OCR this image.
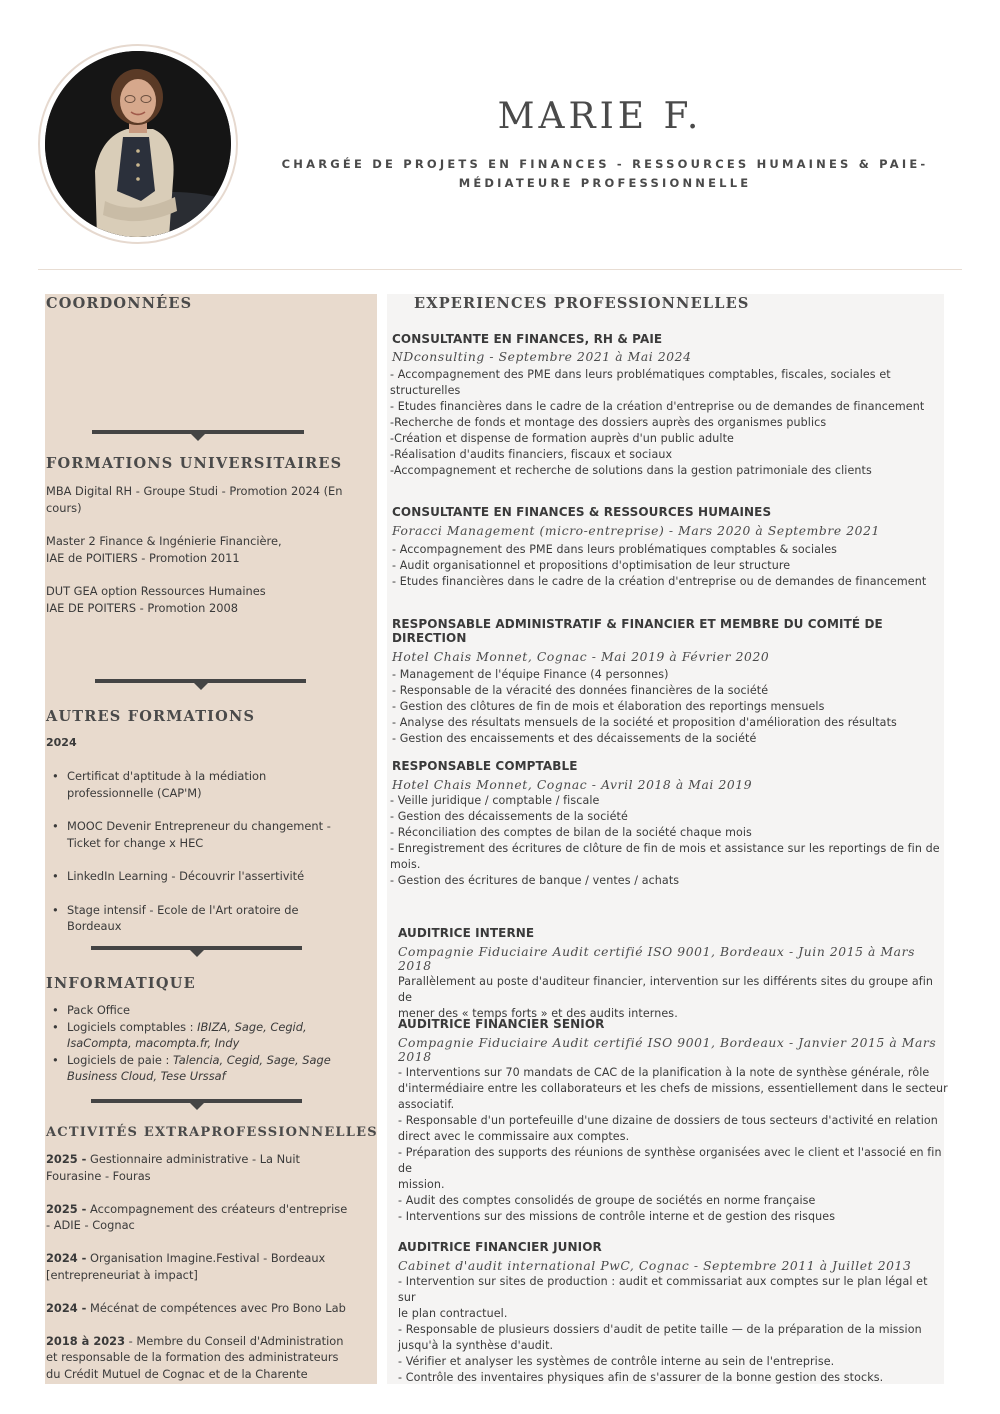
MARIE F.
CHARGÉE DE PROJETS EN FINANCES - RESSOURCES HUMAINES & PAIE-
MÉDIATEURE PROFESSIONNELLE
COORDONNÉES
FORMATIONS UNIVERSITAIRES
MBA Digital RH - Groupe Studi - Promotion 2024 (En
cours)
Master 2 Finance & Ingénierie Financière,
IAE de POITIERS - Promotion 2011
DUT GEA option Ressources Humaines
IAE DE POITERS - Promotion 2008
AUTRES FORMATIONS
2024
• Certificat d'aptitude à la médiation
professionnelle (CAP'M)
• MOOC Devenir Entrepreneur du changement -
Ticket for change x HEC
• LinkedIn Learning - Découvrir l'assertivité
• Stage intensif - Ecole de l'Art oratoire de
Bordeaux
INFORMATIQUE
• Pack Office
• Logiciels comptables : IBIZA, Sage, Cegid,
IsaCompta, macompta.fr, Indy
• Logiciels de paie : Talencia, Cegid, Sage, Sage
Business Cloud, Tese Urssaf
ACTIVITÉS EXTRAPROFESSIONNELLES
2025 - Gestionnaire administrative - La Nuit
Fourasine - Fouras
2025 - Accompagnement des créateurs d'entreprise
- ADIE - Cognac
2024 - Organisation Imagine.Festival - Bordeaux
[entrepreneuriat à impact]
2024 - Mécénat de compétences avec Pro Bono Lab
2018 à 2023 - Membre du Conseil d'Administration
et responsable de la formation des administrateurs
du Crédit Mutuel de Cognac et de la Charente
EXPERIENCES PROFESSIONNELLES
CONSULTANTE EN FINANCES, RH & PAIE
NDconsulting - Septembre 2021 à Mai 2024
- Accompagnement des PME dans leurs problématiques comptables, fiscales, sociales et
structurelles
- Etudes financières dans le cadre de la création d'entreprise ou de demandes de financement
-Recherche de fonds et montage des dossiers auprès des organismes publics
-Création et dispense de formation auprès d'un public adulte
-Réalisation d'audits financiers, fiscaux et sociaux
-Accompagnement et recherche de solutions dans la gestion patrimoniale des clients
CONSULTANTE EN FINANCES & RESSOURCES HUMAINES
Foracci Management (micro-entreprise) - Mars 2020 à Septembre 2021
- Accompagnement des PME dans leurs problématiques comptables & sociales
- Audit organisationnel et propositions d'optimisation de leur structure
- Etudes financières dans le cadre de la création d'entreprise ou de demandes de financement
RESPONSABLE ADMINISTRATIF & FINANCIER ET MEMBRE DU COMITÉ DE DIRECTION
Hotel Chais Monnet, Cognac - Mai 2019 à Février 2020
- Management de l'équipe Finance (4 personnes)
- Responsable de la véracité des données financières de la société
- Gestion des clôtures de fin de mois et élaboration des reportings mensuels
- Analyse des résultats mensuels de la société et proposition d'amélioration des résultats
- Gestion des encaissements et des décaissements de la société
RESPONSABLE COMPTABLE
Hotel Chais Monnet, Cognac - Avril 2018 à Mai 2019
- Veille juridique / comptable / fiscale
- Gestion des décaissements de la société
- Réconciliation des comptes de bilan de la société chaque mois
- Enregistrement des écritures de clôture de fin de mois et assistance sur les reportings de fin de
mois.
- Gestion des écritures de banque / ventes / achats
AUDITRICE INTERNE
Compagnie Fiduciaire Audit certifié ISO 9001, Bordeaux - Juin 2015 à Mars 2018
Parallèlement au poste d'auditeur financier, intervention sur les différents sites du groupe afin de
mener des « temps forts » et des audits internes.
AUDITRICE FINANCIER SENIOR
Compagnie Fiduciaire Audit certifié ISO 9001, Bordeaux - Janvier 2015 à Mars 2018
- Interventions sur 70 mandats de CAC de la planification à la note de synthèse générale, rôle
d'intermédiaire entre les collaborateurs et les chefs de missions, essentiellement dans le secteur
associatif.
- Responsable d'un portefeuille d'une dizaine de dossiers de tous secteurs d'activité en relation
direct avec le commissaire aux comptes.
- Préparation des supports des réunions de synthèse organisées avec le client et l'associé en fin de
mission.
- Audit des comptes consolidés de groupe de sociétés en norme française
- Interventions sur des missions de contrôle interne et de gestion des risques
AUDITRICE FINANCIER JUNIOR
Cabinet d'audit international PwC, Cognac - Septembre 2011 à Juillet 2013
- Intervention sur sites de production : audit et commissariat aux comptes sur le plan légal et sur
le plan contractuel.
- Responsable de plusieurs dossiers d'audit de petite taille — de la préparation de la mission
jusqu'à la synthèse d'audit.
- Vérifier et analyser les systèmes de contrôle interne au sein de l'entreprise.
- Contrôle des inventaires physiques afin de s'assurer de la bonne gestion des stocks.
